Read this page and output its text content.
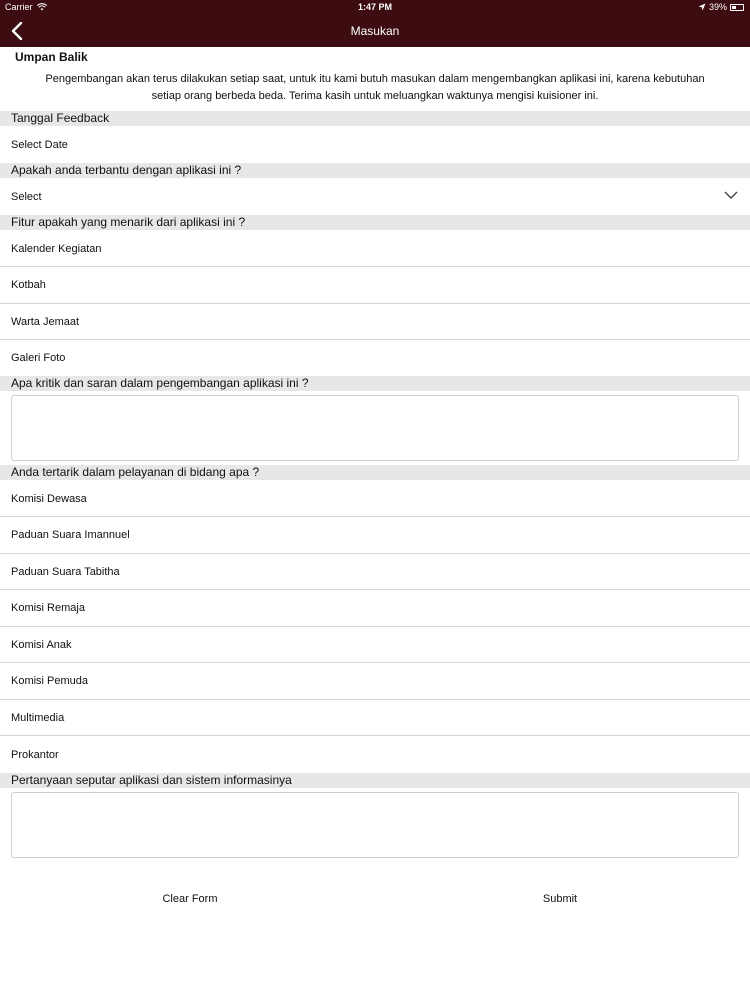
Carrier	1:47 PM	39%
Masukan
Umpan Balik
Pengembangan akan terus dilakukan setiap saat, untuk itu kami butuh masukan dalam mengembangkan aplikasi ini, karena kebutuhan
setiap orang berbeda beda. Terima kasih untuk meluangkan waktunya mengisi kuisioner ini.
Tanggal Feedback
Select Date
Apakah anda terbantu dengan aplikasi ini ?
Select
Fitur apakah yang menarik dari aplikasi ini ?
Kalender Kegiatan
Kotbah
Warta Jemaat
Galeri Foto
Apa kritik dan saran dalam pengembangan aplikasi ini ?
Anda tertarik dalam pelayanan di bidang apa ?
Komisi Dewasa
Paduan Suara Imannuel
Paduan Suara Tabitha
Komisi Remaja
Komisi Anak
Komisi Pemuda
Multimedia
Prokantor
Pertanyaan seputar aplikasi dan sistem informasinya
Clear Form	Submit
